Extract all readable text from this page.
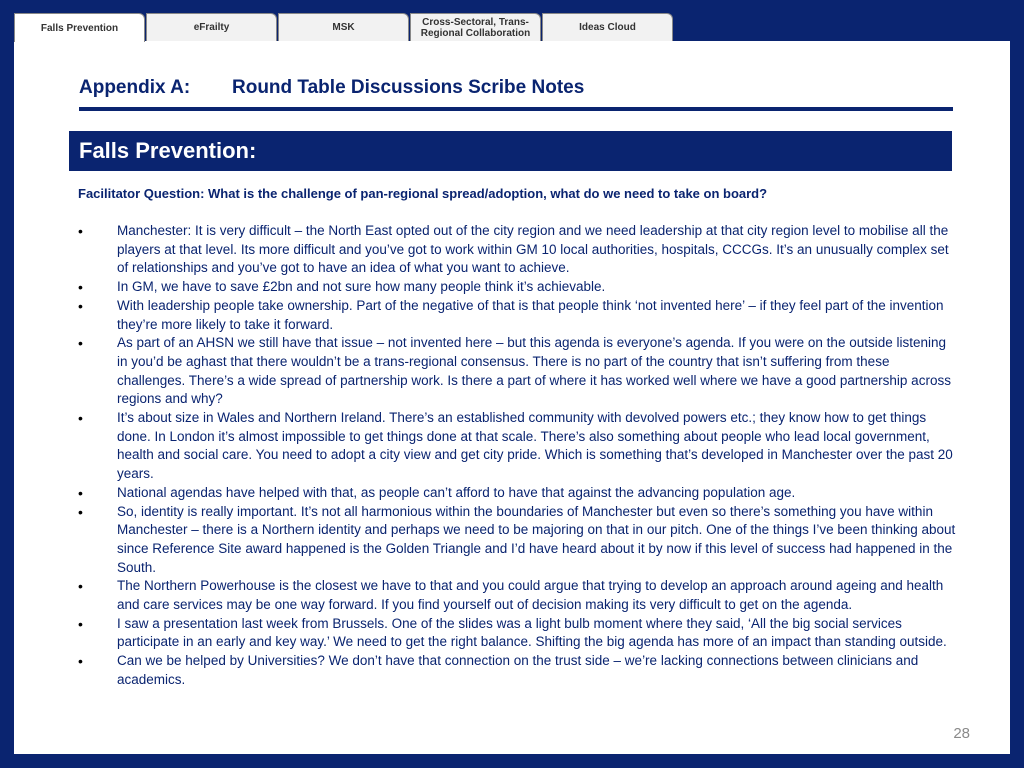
Falls Prevention	eFrailty	MSK	Cross-Sectoral, Trans-Regional Collaboration	Ideas Cloud
Appendix A: Round Table Discussions Scribe Notes
Falls Prevention:
Facilitator Question: What is the challenge of pan-regional spread/adoption, what do we need to take on board?
• Manchester: It is very difficult – the North East opted out of the city region and we need leadership at that city region level to mobilise all the players at that level. Its more difficult and you’ve got to work within GM 10 local authorities, hospitals, CCCGs. It’s an unusually complex set of relationships and you’ve got to have an idea of what you want to achieve.
• In GM, we have to save £2bn and not sure how many people think it’s achievable.
• With leadership people take ownership. Part of the negative of that is that people think ‘not invented here’ – if they feel part of the invention they’re more likely to take it forward.
• As part of an AHSN we still have that issue – not invented here – but this agenda is everyone’s agenda. If you were on the outside listening in you’d be aghast that there wouldn’t be a trans-regional consensus. There is no part of the country that isn’t suffering from these challenges. There’s a wide spread of partnership work. Is there a part of where it has worked well where we have a good partnership across regions and why?
• It’s about size in Wales and Northern Ireland. There’s an established community with devolved powers etc.; they know how to get things done. In London it’s almost impossible to get things done at that scale. There’s also something about people who lead local government, health and social care. You need to adopt a city view and get city pride. Which is something that’s developed in Manchester over the past 20 years.
• National agendas have helped with that, as people can’t afford to have that against the advancing population age.
• So, identity is really important. It’s not all harmonious within the boundaries of Manchester but even so there’s something you have within Manchester – there is a Northern identity and perhaps we need to be majoring on that in our pitch. One of the things I’ve been thinking about since Reference Site award happened is the Golden Triangle and I’d have heard about it by now if this level of success had happened in the South.
• The Northern Powerhouse is the closest we have to that and you could argue that trying to develop an approach around ageing and health and care services may be one way forward. If you find yourself out of decision making its very difficult to get on the agenda.
• I saw a presentation last week from Brussels. One of the slides was a light bulb moment where they said, ‘All the big social services participate in an early and key way.’ We need to get the right balance. Shifting the big agenda has more of an impact than standing outside.
• Can we be helped by Universities? We don’t have that connection on the trust side – we’re lacking connections between clinicians and academics.
28
